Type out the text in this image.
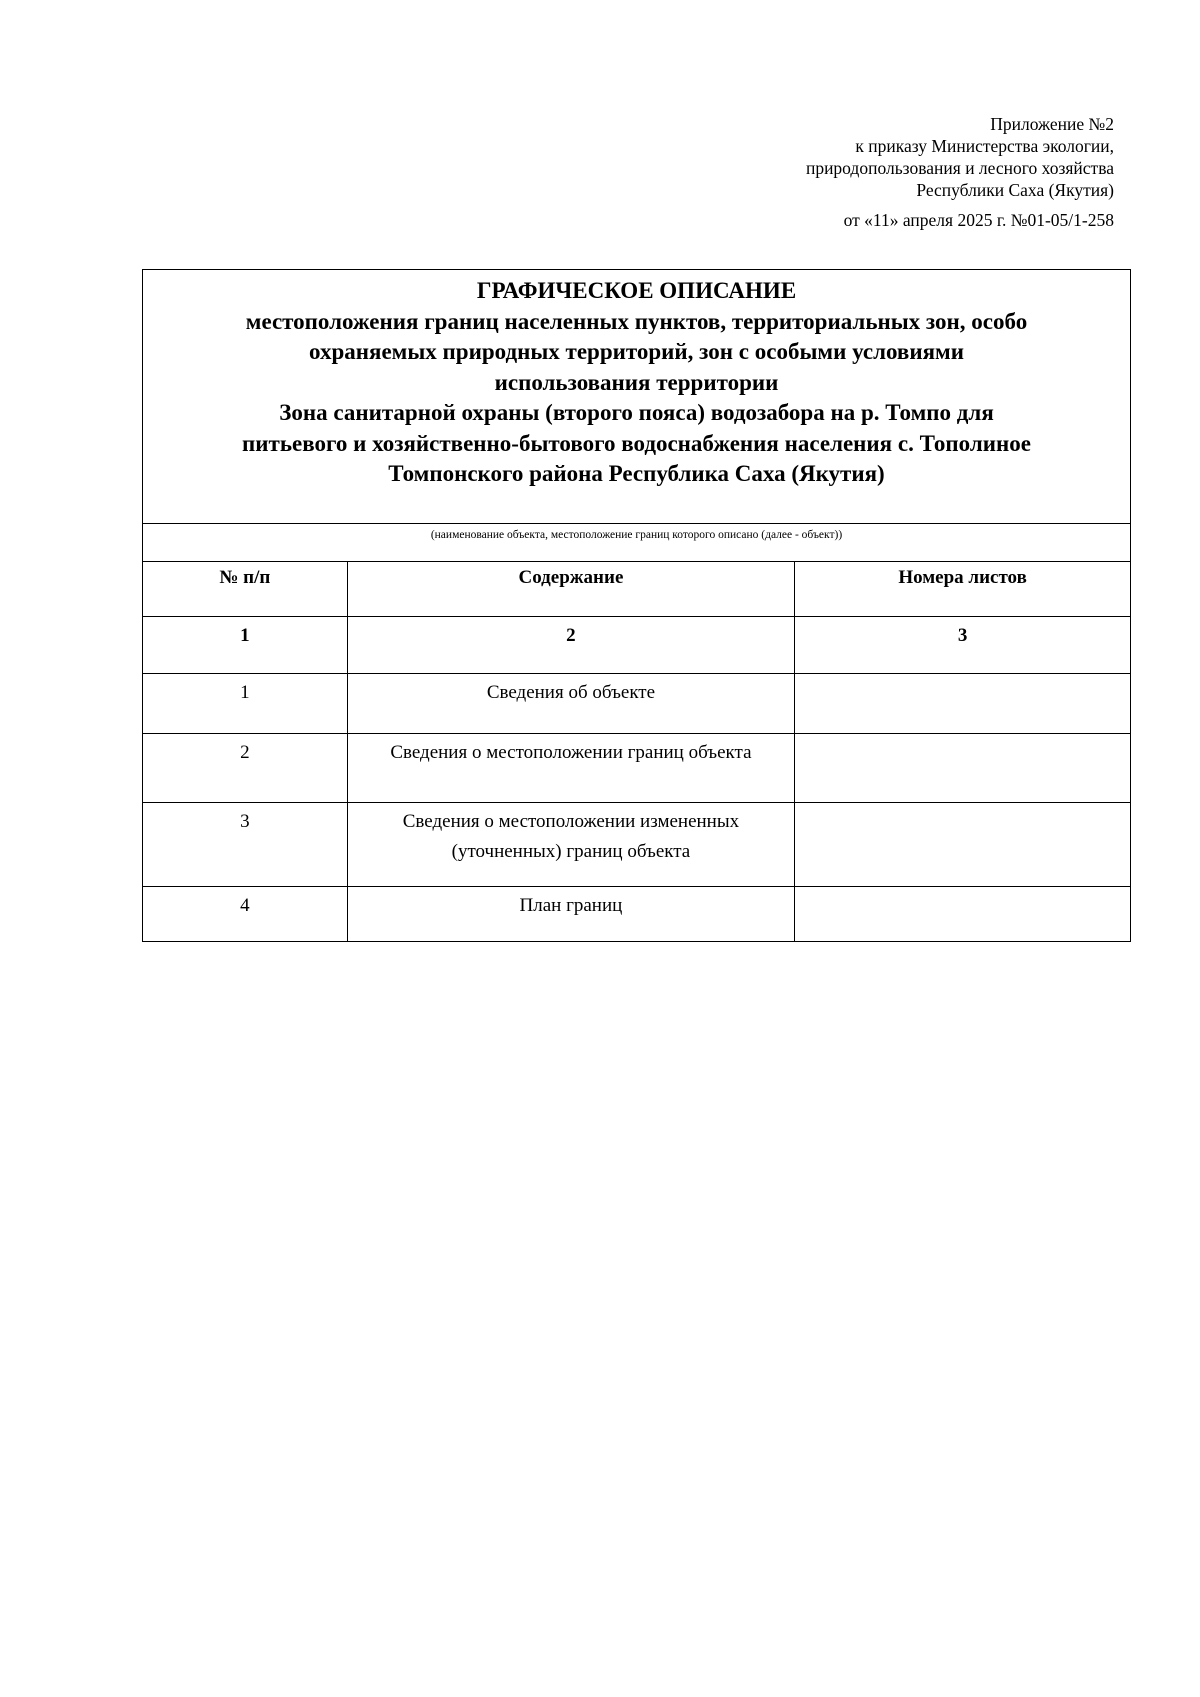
Приложение №2
к приказу Министерства экологии,
природопользования и лесного хозяйства
Республики Саха (Якутия)
от «11» апреля 2025 г. №01-05/1-258
ГРАФИЧЕСКОЕ ОПИСАНИЕ
местоположения границ населенных пунктов, территориальных зон, особо
охраняемых природных территорий, зон с особыми условиями
использования территории
Зона санитарной охраны (второго пояса) водозабора на р. Томпо для
питьевого и хозяйственно-бытового водоснабжения населения с. Тополиное
Томпонского района Республика Саха (Якутия)
(наименование объекта, местоположение границ которого описано (далее - объект))
№ п/п	Содержание	Номера листов
1	2	3
1	Сведения об объекте	
2	Сведения о местоположении границ объекта	
3	Сведения о местоположении измененных (уточненных) границ объекта	
4	План границ	
